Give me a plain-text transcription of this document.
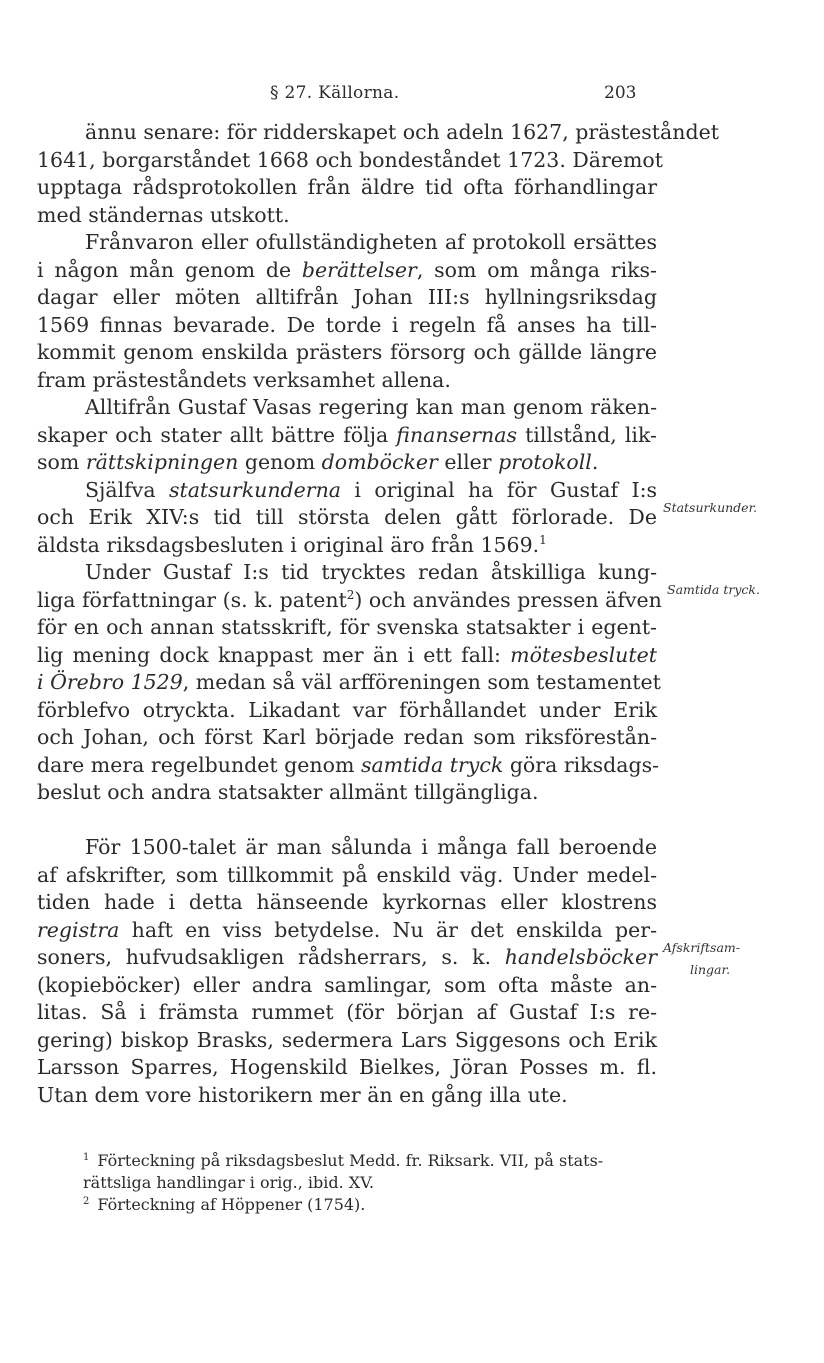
§ 27. Källorna.	203
ännu senare: för ridderskapet och adeln 1627, prästeståndet
1641, borgarståndet 1668 och bondeståndet 1723. Däremot
upptaga rådsprotokollen från äldre tid ofta förhandlingar
med ständernas utskott.
Frånvaron eller ofullständigheten af protokoll ersättes
i någon mån genom de berättelser, som om många riks-
dagar eller möten alltifrån Johan III:s hyllningsriksdag
1569 finnas bevarade. De torde i regeln få anses ha till-
kommit genom enskilda prästers försorg och gällde längre
fram prästeståndets verksamhet allena.
Alltifrån Gustaf Vasas regering kan man genom räken-
skaper och stater allt bättre följa finansernas tillstånd, lik-
som rättskipningen genom domböcker eller protokoll.
Själfva statsurkunderna i original ha för Gustaf I:s
och Erik XIV:s tid till största delen gått förlorade. De
äldsta riksdagsbesluten i original äro från 1569.$^1$
Under Gustaf I:s tid trycktes redan åtskilliga kung-
liga författningar (s. k. patent$^2$) och användes pressen äfven
för en och annan statsskrift, för svenska statsakter i egent-
lig mening dock knappast mer än i ett fall: mötesbeslutet
i Örebro 1529, medan så väl arfföreningen som testamentet
förblefvo otryckta. Likadant var förhållandet under Erik
och Johan, och först Karl började redan som riksförestån-
dare mera regelbundet genom samtida tryck göra riksdags-
beslut och andra statsakter allmänt tillgängliga.
För 1500-talet är man sålunda i många fall beroende
af afskrifter, som tillkommit på enskild väg. Under medel-
tiden hade i detta hänseende kyrkornas eller klostrens
registra haft en viss betydelse. Nu är det enskilda per-
soners, hufvudsakligen rådsherrars, s. k. handelsböcker
(kopieböcker) eller andra samlingar, som ofta måste an-
litas. Så i främsta rummet (för början af Gustaf I:s re-
gering) biskop Brasks, sedermera Lars Siggesons och Erik
Larsson Sparres, Hogenskild Bielkes, Jöran Posses m. fl.
Utan dem vore historikern mer än en gång illa ute.
Statsurkunder.
Samtida tryck.
Afskriftsam-
lingar.
$^1$ Förteckning på riksdagsbeslut Medd. fr. Riksark. VII, på stats-
rättsliga handlingar i orig., ibid. XV.
$^2$ Förteckning af Höppener (1754).
